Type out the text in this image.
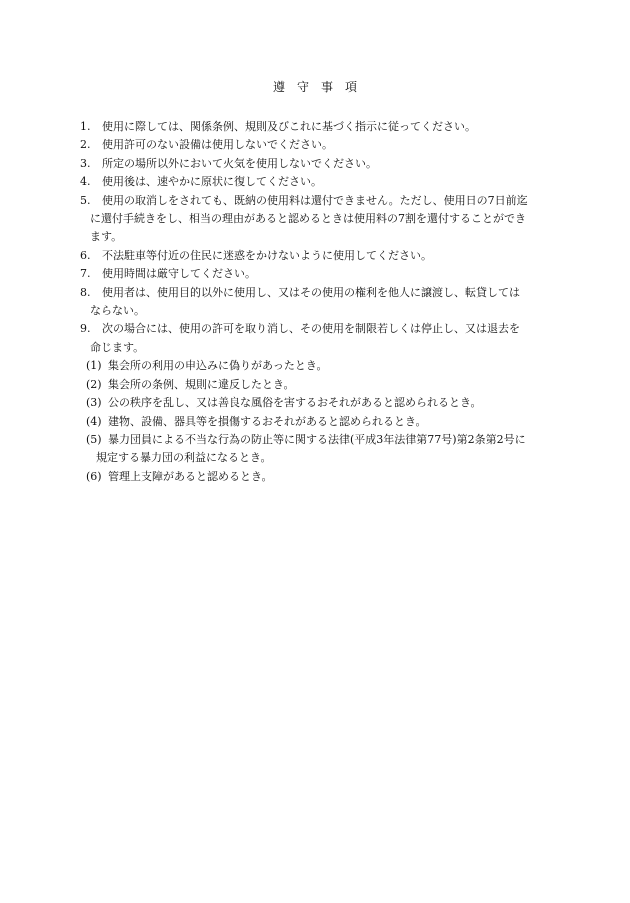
遵　守　事　項
1.	使用に際しては、関係条例、規則及びこれに基づく指示に従ってください。
2.	使用許可のない設備は使用しないでください。
3.	所定の場所以外において火気を使用しないでください。
4.	使用後は、速やかに原状に復してください。
5.	使用の取消しをされても、既納の使用料は還付できません。ただし、使用日の7日前迄
に還付手続きをし、相当の理由があると認めるときは使用料の7割を還付することができ
ます。
6.	不法駐車等付近の住民に迷惑をかけないように使用してください。
7.	使用時間は厳守してください。
8.	使用者は、使用目的以外に使用し、又はその使用の権利を他人に譲渡し、転貸しては
ならない。
9.	次の場合には、使用の許可を取り消し、その使用を制限若しくは停止し、又は退去を
命じます。
(1) 集会所の利用の申込みに偽りがあったとき。
(2) 集会所の条例、規則に違反したとき。
(3) 公の秩序を乱し、又は善良な風俗を害するおそれがあると認められるとき。
(4) 建物、設備、器具等を損傷するおそれがあると認められるとき。
(5) 暴力団員による不当な行為の防止等に関する法律(平成3年法律第77号)第2条第2号に
規定する暴力団の利益になるとき。
(6) 管理上支障があると認めるとき。
